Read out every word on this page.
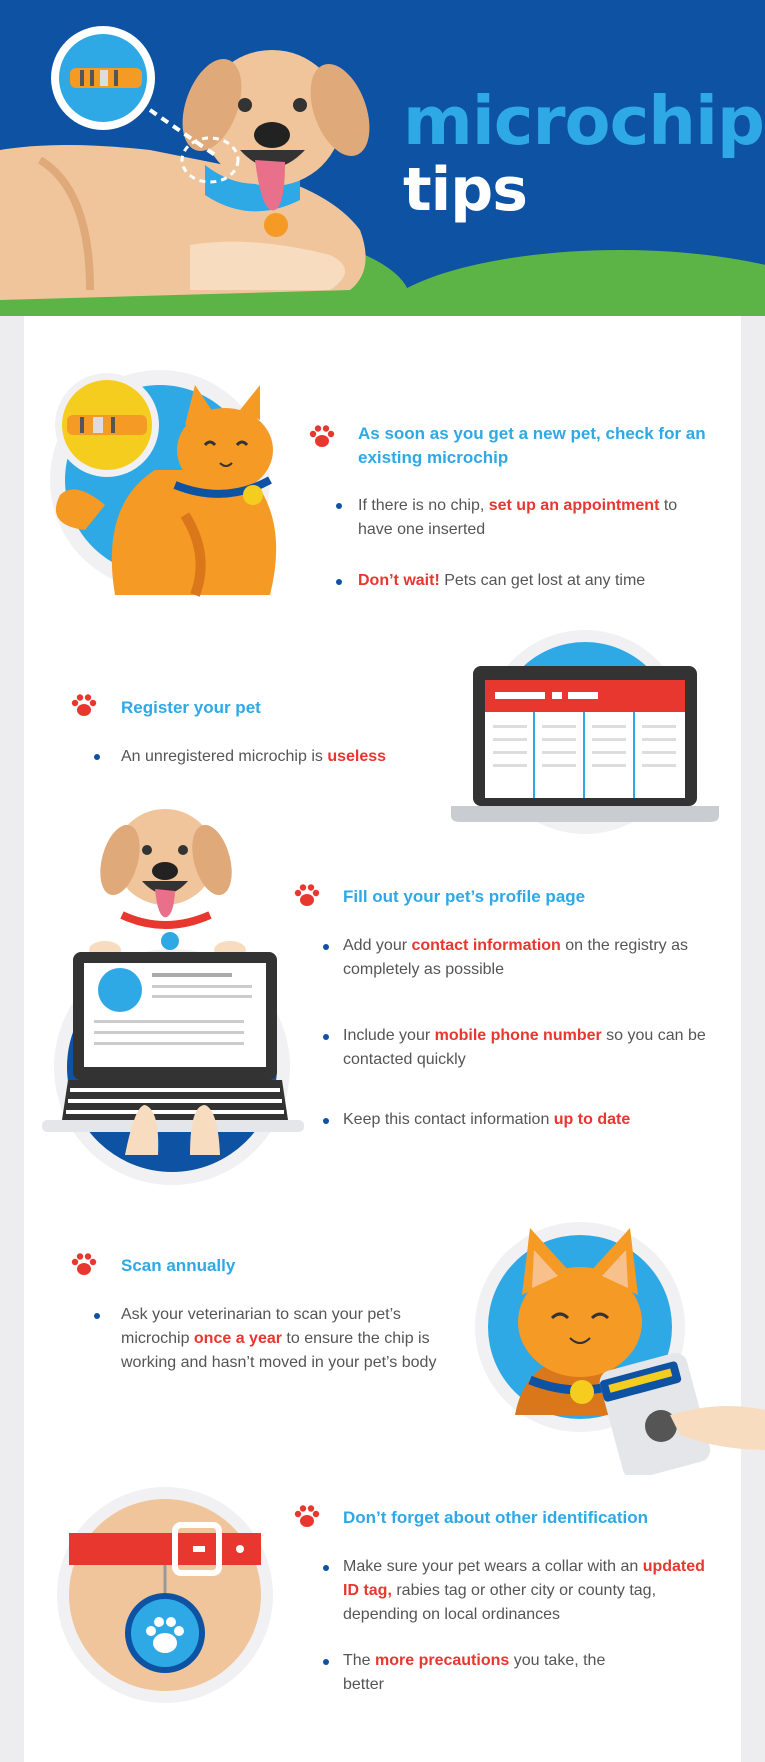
microchip
tips
As soon as you get a new pet, check for an existing microchip
If there is no chip, set up an appointment to have one inserted
Don’t wait! Pets can get lost at any time
Register your pet
An unregistered microchip is useless
Fill out your pet’s profile page
Add your contact information on the registry as completely as possible
Include your mobile phone number so you can be contacted quickly
Keep this contact information up to date
Scan annually
Ask your veterinarian to scan your pet’s microchip once a year to ensure the chip is working and hasn’t moved in your pet’s body
Don’t forget about other identification
Make sure your pet wears a collar with an updated ID tag, rabies tag or other city or county tag, depending on local ordinances
The more precautions you take, the better
